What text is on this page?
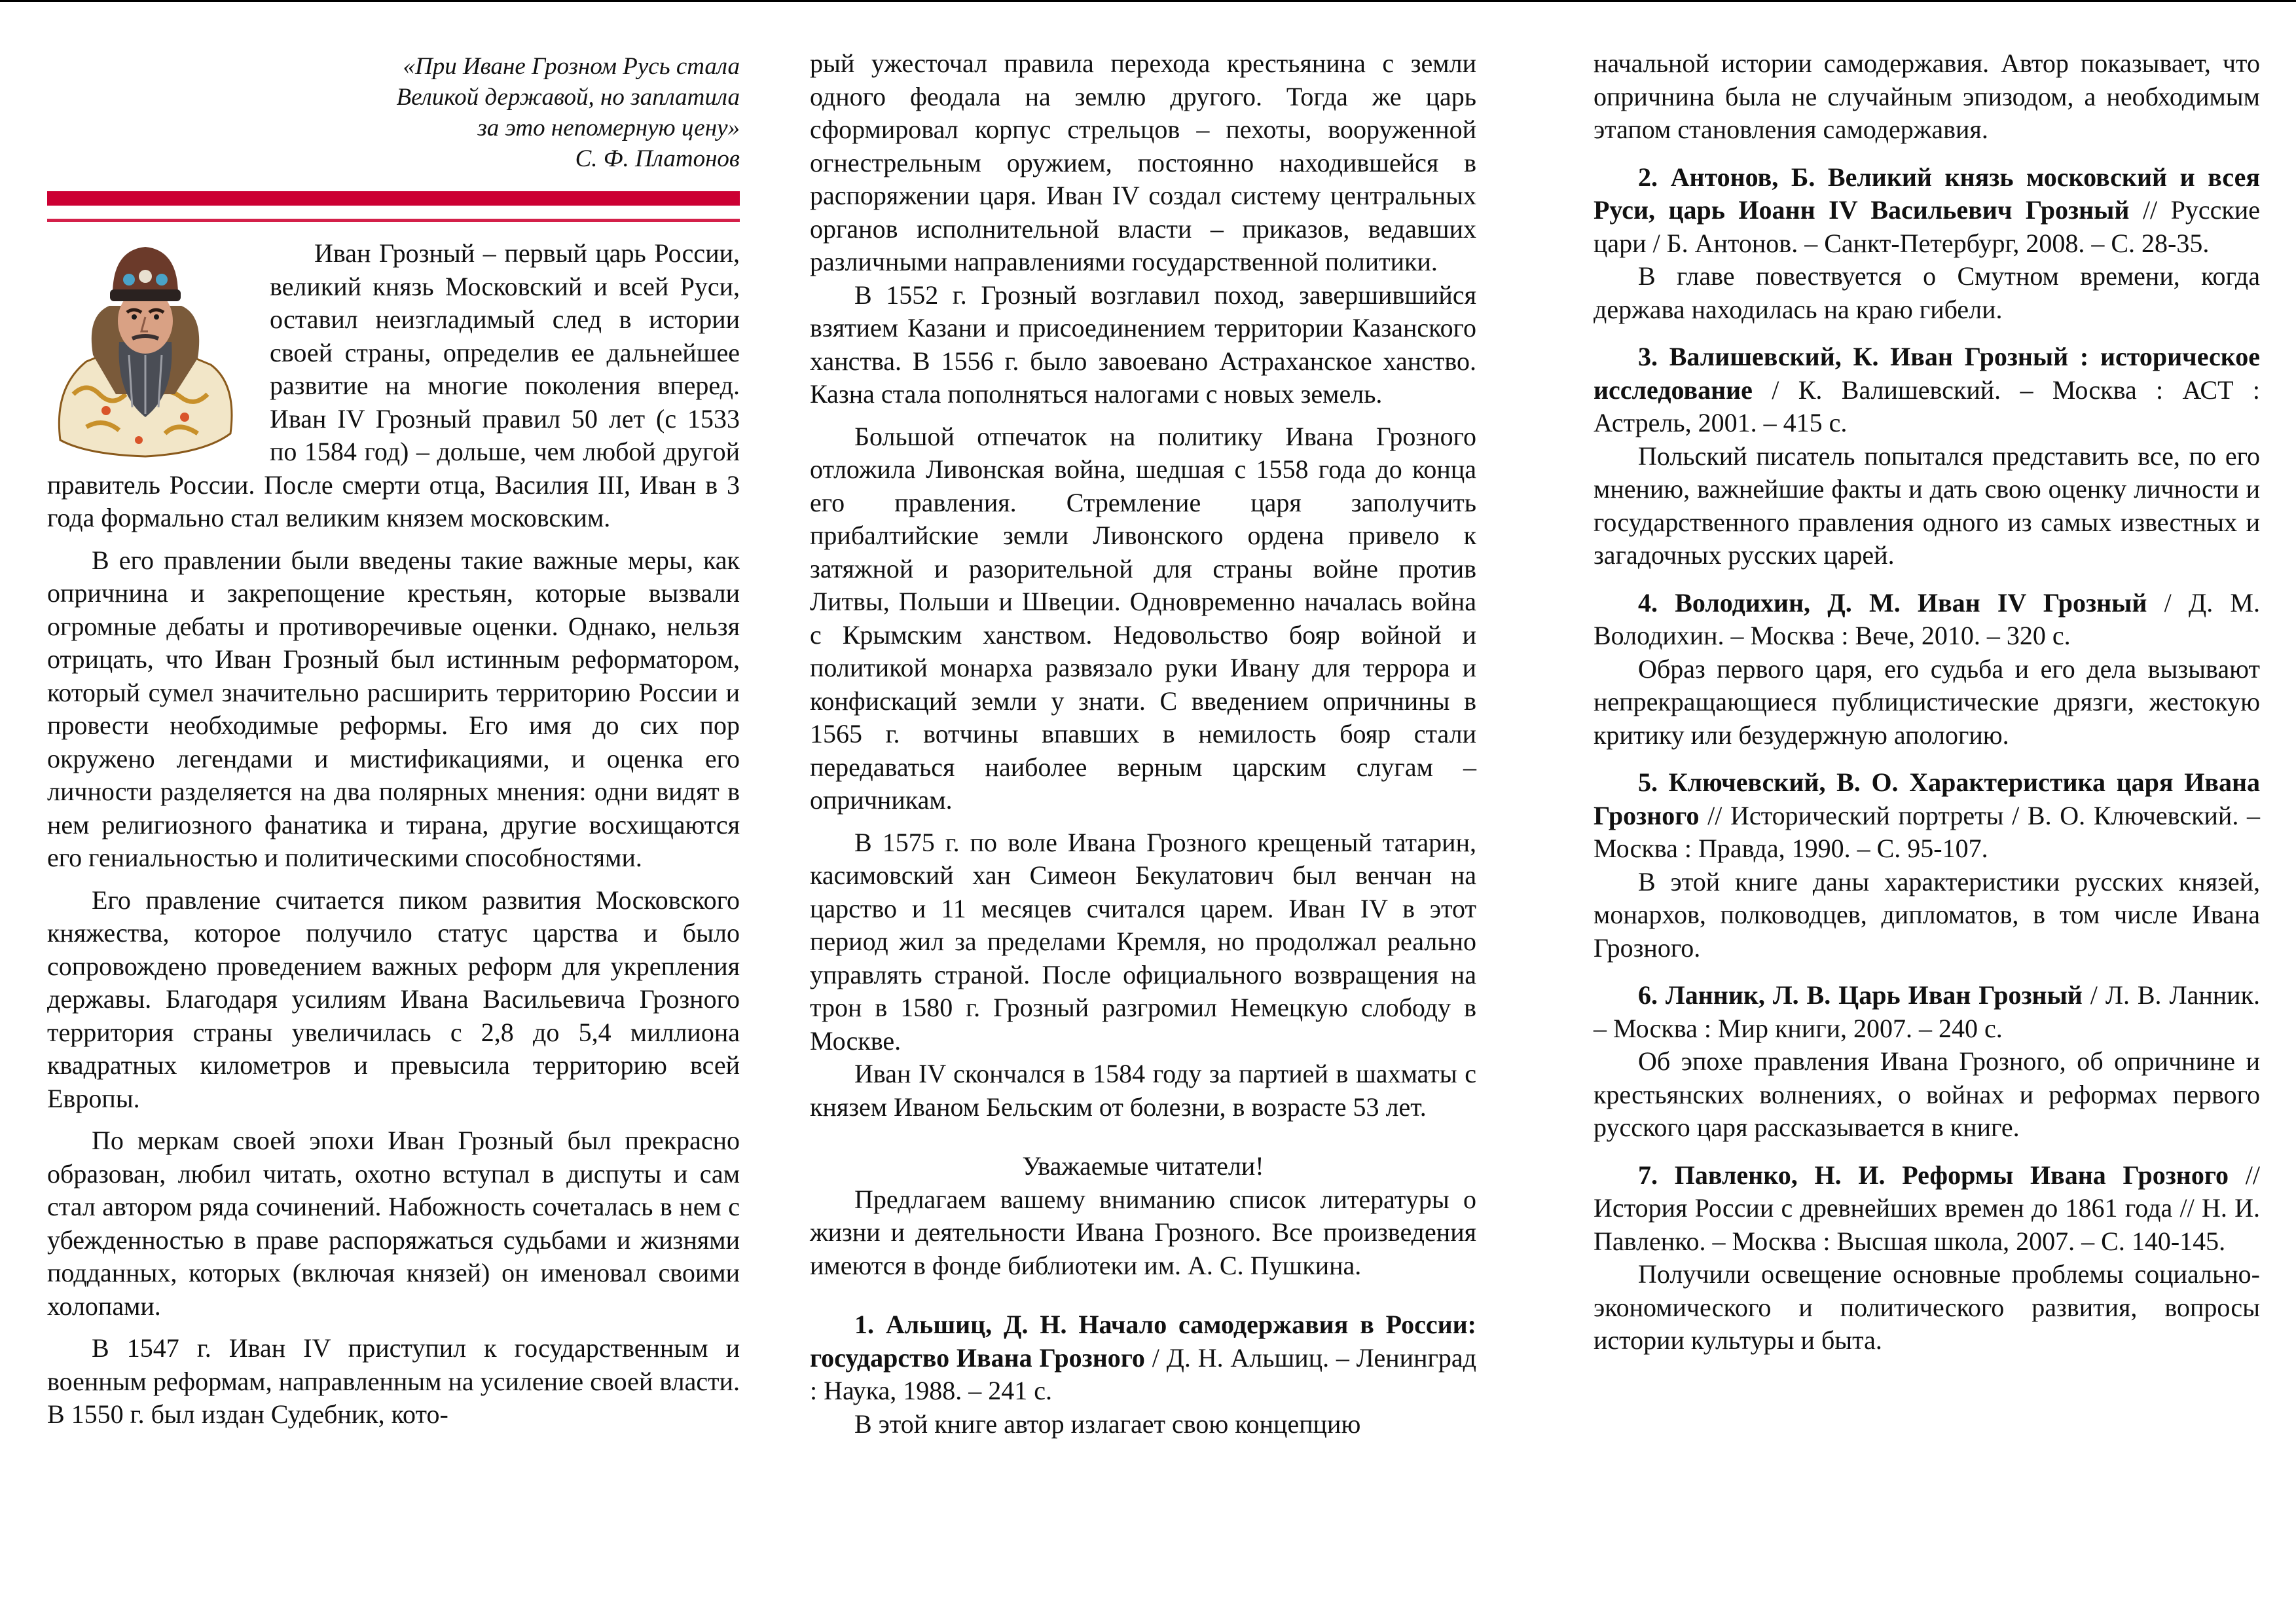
«При Иване Грозном Русь стала
Великой державой, но заплатила
за это непомерную цену»
С. Ф. Платонов

Иван Грозный – первый царь России, великий князь Московский и всей Руси, оставил неизгладимый след в истории своей страны, определив ее дальнейшее развитие на многие поколения вперед. Иван IV Грозный правил 50 лет (с 1533 по 1584 год) – дольше, чем любой другой правитель России. После смерти отца, Василия III, Иван в 3 года формально стал великим князем московским.

В его правлении были введены такие важные меры, как опричнина и закрепощение крестьян, которые вызвали огромные дебаты и противоречивые оценки. Однако, нельзя отрицать, что Иван Грозный был истинным реформатором, который сумел значительно расширить территорию России и провести необходимые реформы. Его имя до сих пор окружено легендами и мистификациями, и оценка его личности разделяется на два полярных мнения: одни видят в нем религиозного фанатика и тирана, другие восхищаются его гениальностью и политическими способностями.

Его правление считается пиком развития Московского княжества, которое получило статус царства и было сопровождено проведением важных реформ для укрепления державы. Благодаря усилиям Ивана Васильевича Грозного территория страны увеличилась с 2,8 до 5,4 миллиона квадратных километров и превысила территорию всей Европы.

По меркам своей эпохи Иван Грозный был прекрасно образован, любил читать, охотно вступал в диспуты и сам стал автором ряда сочинений. Набожность сочеталась в нем с убежденностью в праве распоряжаться судьбами и жизнями подданных, которых (включая князей) он именовал своими холопами.

В 1547 г. Иван IV приступил к государственным и военным реформам, направленным на усиление своей власти. В 1550 г. был издан Судебник, кото-

рый ужесточал правила перехода крестьянина с земли одного феодала на землю другого. Тогда же царь сформировал корпус стрельцов – пехоты, вооруженной огнестрельным оружием, постоянно находившейся в распоряжении царя. Иван IV создал систему центральных органов исполнительной власти – приказов, ведавших различными направлениями государственной политики.

В 1552 г. Грозный возглавил поход, завершившийся взятием Казани и присоединением территории Казанского ханства. В 1556 г. было завоевано Астраханское ханство. Казна стала пополняться налогами с новых земель.

Большой отпечаток на политику Ивана Грозного отложила Ливонская война, шедшая с 1558 года до конца его правления. Стремление царя заполучить прибалтийские земли Ливонского ордена привело к затяжной и разорительной для страны войне против Литвы, Польши и Швеции. Одновременно началась война с Крымским ханством. Недовольство бояр войной и политикой монарха развязало руки Ивану для террора и конфискаций земли у знати. С введением опричнины в 1565 г. вотчины впавших в немилость бояр стали передаваться наиболее верным царским слугам – опричникам.

В 1575 г. по воле Ивана Грозного крещеный татарин, касимовский хан Симеон Бекулатович был венчан на царство и 11 месяцев считался царем. Иван IV в этот период жил за пределами Кремля, но продолжал реально управлять страной. После официального возвращения на трон в 1580 г. Грозный разгромил Немецкую слободу в Москве.

Иван IV скончался в 1584 году за партией в шахматы с князем Иваном Бельским от болезни, в возрасте 53 лет.

Уважаемые читатели!

Предлагаем вашему вниманию список литературы о жизни и деятельности Ивана Грозного. Все произведения имеются в фонде библиотеки им. А. С. Пушкина.

1. Альшиц, Д. Н. Начало самодержавия в России: государство Ивана Грозного / Д. Н. Альшиц. – Ленинград : Наука, 1988. – 241 с.

В этой книге автор излагает свою концепцию

начальной истории самодержавия. Автор показывает, что опричнина была не случайным эпизодом, а необходимым этапом становления самодержавия.

2. Антонов, Б. Великий князь московский и всея Руси, царь Иоанн IV Васильевич Грозный // Русские цари / Б. Антонов. – Санкт-Петербург, 2008. – С. 28-35.

В главе повествуется о Смутном времени, когда держава находилась на краю гибели.

3. Валишевский, К. Иван Грозный : историческое исследование / К. Валишевский. – Москва : АСТ : Астрель, 2001. – 415 с.

Польский писатель попытался представить все, по его мнению, важнейшие факты и дать свою оценку личности и государственного правления одного из самых известных и загадочных русских царей.

4. Володихин, Д. М. Иван IV Грозный / Д. М. Володихин. – Москва : Вече, 2010. – 320 с.

Образ первого царя, его судьба и его дела вызывают непрекращающиеся публицистические дрязги, жестокую критику или безудержную апологию.

5. Ключевский, В. О. Характеристика царя Ивана Грозного // Исторический портреты / В. О. Ключевский. – Москва : Правда, 1990. – С. 95-107.

В этой книге даны характеристики русских князей, монархов, полководцев, дипломатов, в том числе Ивана Грозного.

6. Ланник, Л. В. Царь Иван Грозный / Л. В. Ланник. – Москва : Мир книги, 2007. – 240 с.

Об эпохе правления Ивана Грозного, об опричнине и крестьянских волнениях, о войнах и реформах первого русского царя рассказывается в книге.

7. Павленко, Н. И. Реформы Ивана Грозного // История России с древнейших времен до 1861 года // Н. И. Павленко. – Москва : Высшая школа, 2007. – С. 140-145.

Получили освещение основные проблемы социально-экономического и политического развития, вопросы истории культуры и быта.
